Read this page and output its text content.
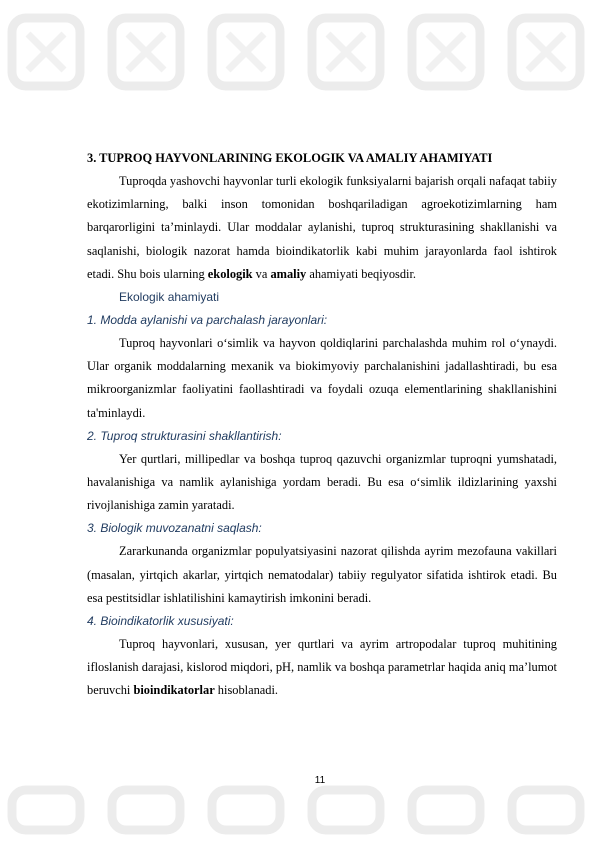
3. TUPROQ HAYVONLARINING EKOLOGIK VA AMALIY AHAMIYATI

Tuproqda yashovchi hayvonlar turli ekologik funksiyalarni bajarish orqali nafaqat tabiiy ekotizimlarning, balki inson tomonidan boshqariladigan agroekotizimlarning ham barqarorligini ta’minlaydi. Ular moddalar aylanishi, tuproq strukturasining shakllanishi va saqlanishi, biologik nazorat hamda bioindikatorlik kabi muhim jarayonlarda faol ishtirok etadi. Shu bois ularning ekologik va amaliy ahamiyati beqiyosdir.

Ekologik ahamiyati

1. Modda aylanishi va parchalash jarayonlari:

Tuproq hayvonlari o‘simlik va hayvon qoldiqlarini parchalashda muhim rol o‘ynaydi. Ular organik moddalarning mexanik va biokimyoviy parchalanishini jadallashtiradi, bu esa mikroorganizmlar faoliyatini faollashtiradi va foydali ozuqa elementlarining shakllanishini ta'minlaydi.

2. Tuproq strukturasini shakllantirish:

Yer qurtlari, millipedlar va boshqa tuproq qazuvchi organizmlar tuproqni yumshatadi, havalanishiga va namlik aylanishiga yordam beradi. Bu esa o‘simlik ildizlarining yaxshi rivojlanishiga zamin yaratadi.

3. Biologik muvozanatni saqlash:

Zararkunanda organizmlar populyatsiyasini nazorat qilishda ayrim mezofauna vakillari (masalan, yirtqich akarlar, yirtqich nematodalar) tabiiy regulyator sifatida ishtirok etadi. Bu esa pestitsidlar ishlatilishini kamaytirish imkonini beradi.

4. Bioindikatorlik xususiyati:

Tuproq hayvonlari, xususan, yer qurtlari va ayrim artropodalar tuproq muhitining ifloslanish darajasi, kislorod miqdori, pH, namlik va boshqa parametrlar haqida aniq ma’lumot beruvchi bioindikatorlar hisoblanadi.

11
